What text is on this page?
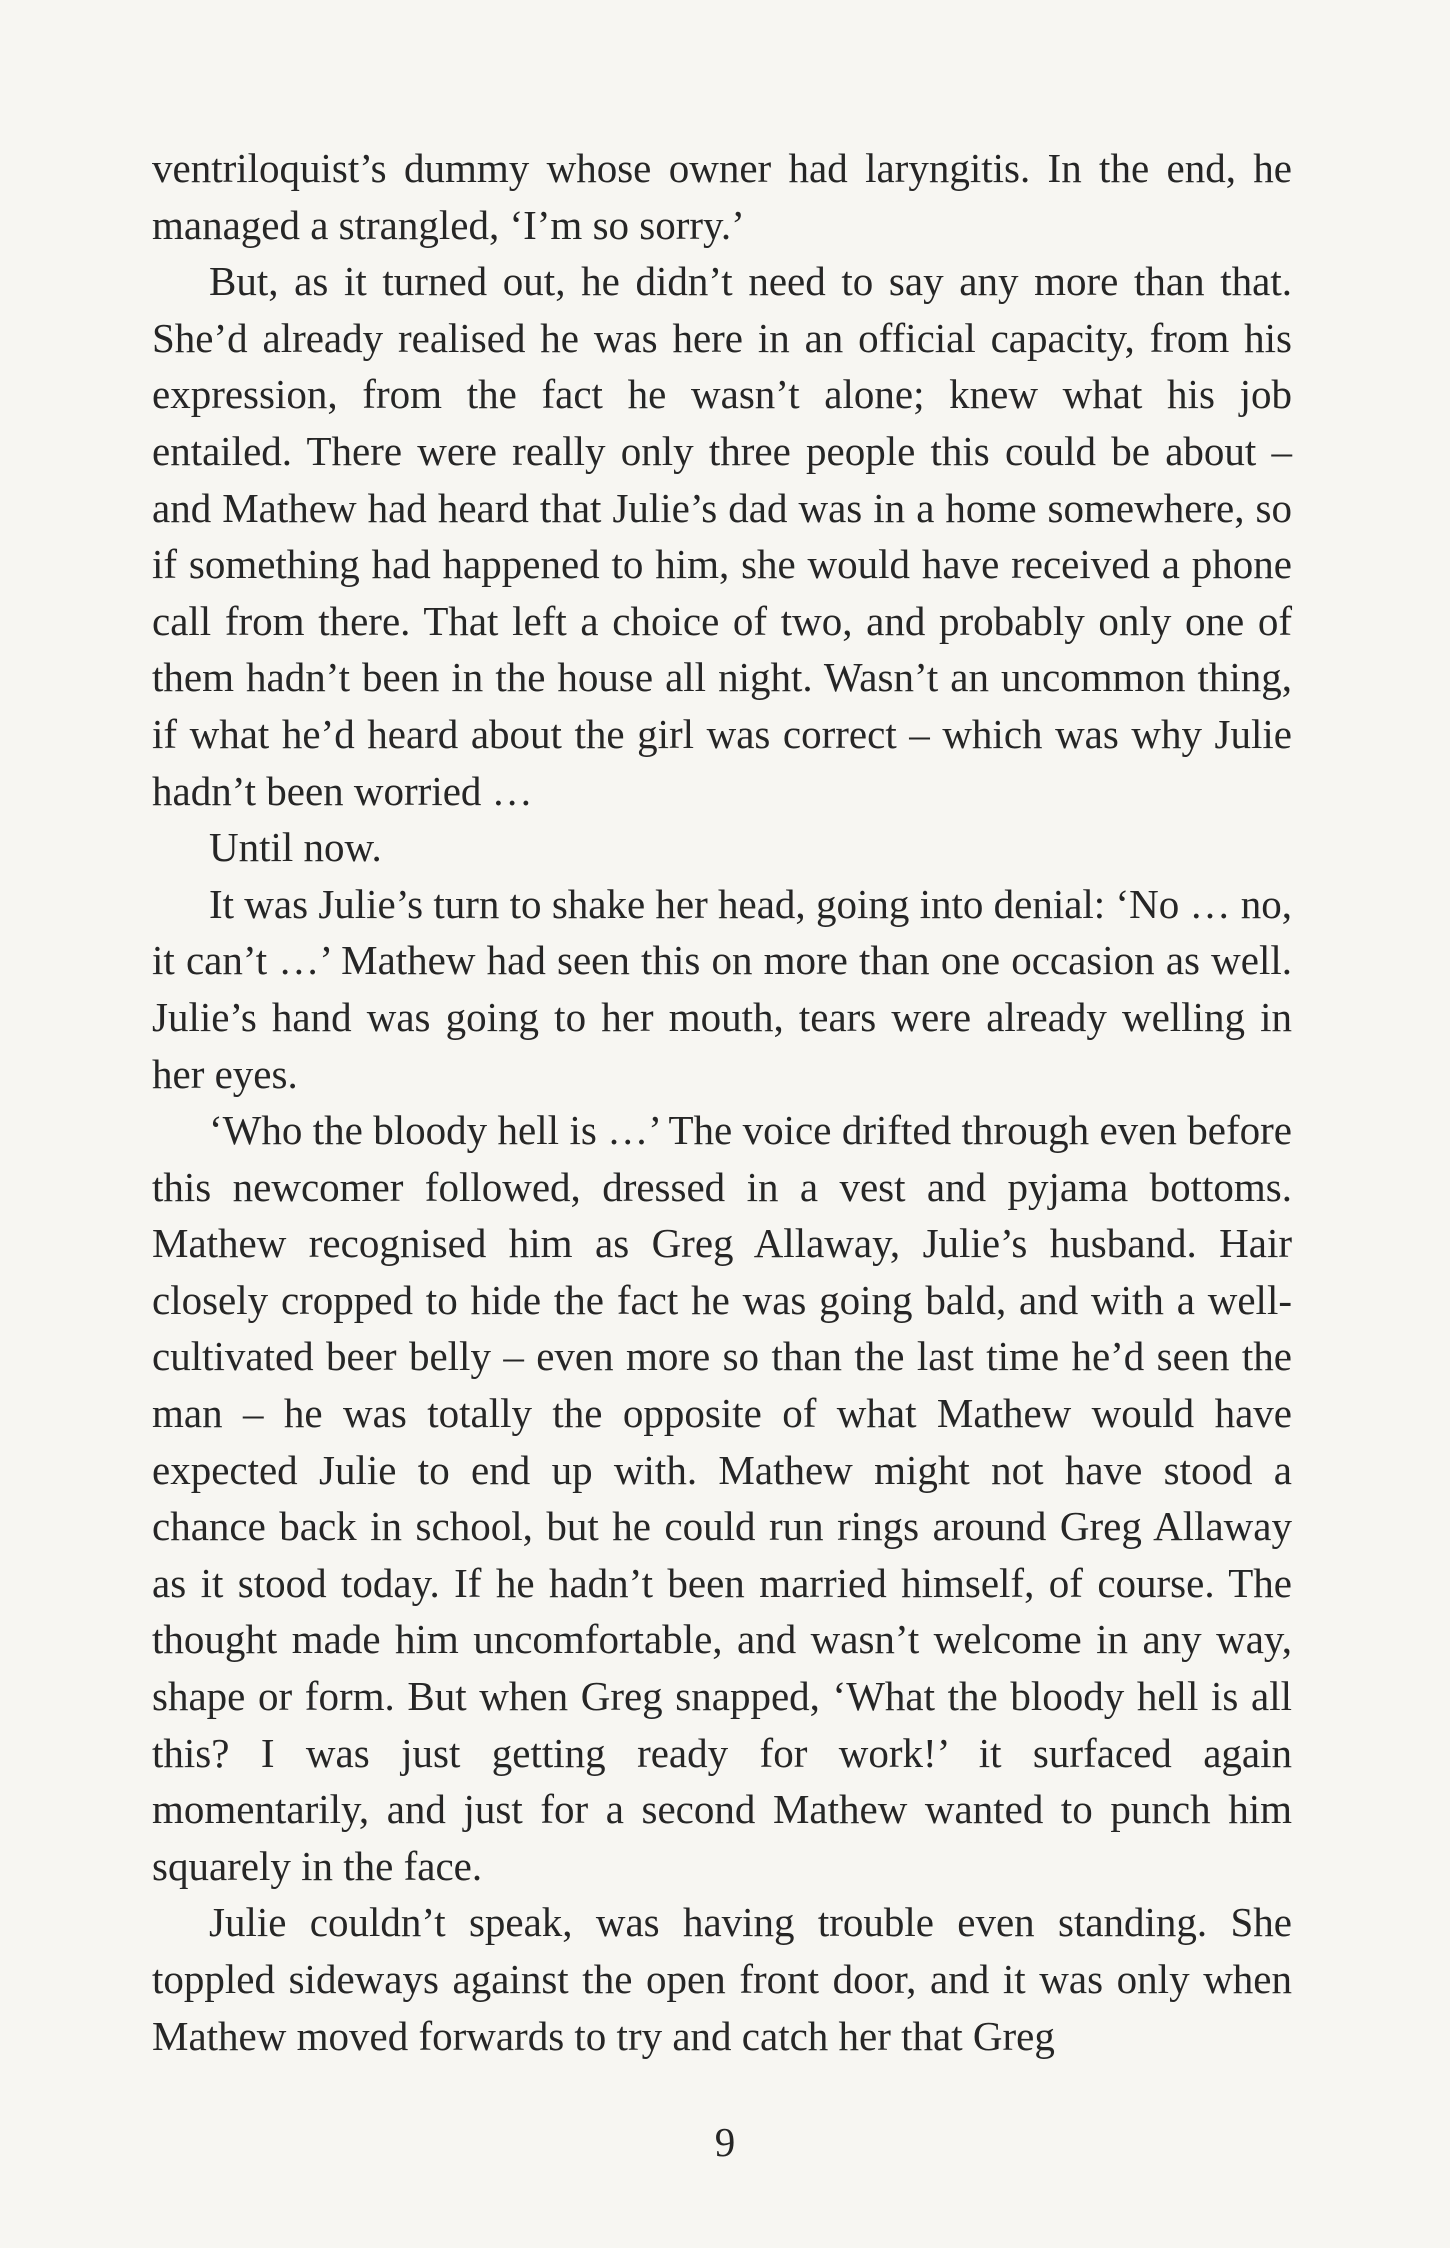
ventriloquist’s dummy whose owner had laryngitis. In the end, he managed a strangled, ‘I’m so sorry.’

But, as it turned out, he didn’t need to say any more than that. She’d already realised he was here in an official capacity, from his expression, from the fact he wasn’t alone; knew what his job entailed. There were really only three people this could be about – and Mathew had heard that Julie’s dad was in a home somewhere, so if something had happened to him, she would have received a phone call from there. That left a choice of two, and probably only one of them hadn’t been in the house all night. Wasn’t an uncommon thing, if what he’d heard about the girl was correct – which was why Julie hadn’t been worried …

Until now.

It was Julie’s turn to shake her head, going into denial: ‘No … no, it can’t …’ Mathew had seen this on more than one occasion as well. Julie’s hand was going to her mouth, tears were already welling in her eyes.

‘Who the bloody hell is …’ The voice drifted through even before this newcomer followed, dressed in a vest and pyjama bottoms. Mathew recognised him as Greg Allaway, Julie’s husband. Hair closely cropped to hide the fact he was going bald, and with a well-cultivated beer belly – even more so than the last time he’d seen the man – he was totally the opposite of what Mathew would have expected Julie to end up with. Mathew might not have stood a chance back in school, but he could run rings around Greg Allaway as it stood today. If he hadn’t been married himself, of course. The thought made him uncomfortable, and wasn’t welcome in any way, shape or form. But when Greg snapped, ‘What the bloody hell is all this? I was just getting ready for work!’ it surfaced again momentarily, and just for a second Mathew wanted to punch him squarely in the face.

Julie couldn’t speak, was having trouble even standing. She toppled sideways against the open front door, and it was only when Mathew moved forwards to try and catch her that Greg

9
